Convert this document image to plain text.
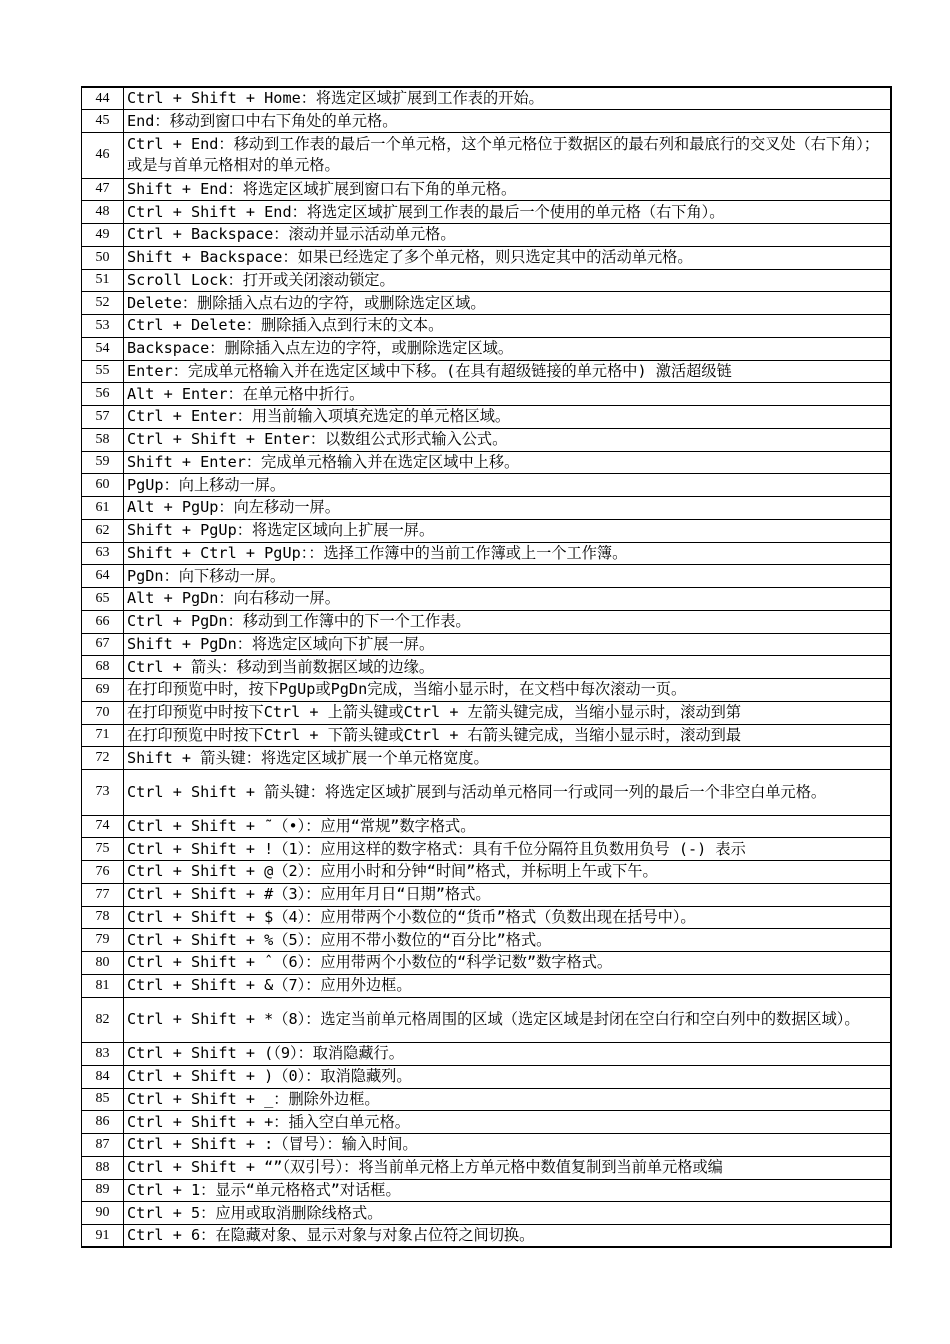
44	Ctrl + Shift + Home：将选定区域扩展到工作表的开始。
45	End：移动到窗口中右下角处的单元格。
46	Ctrl + End：移动到工作表的最后一个单元格，这个单元格位于数据区的最右列和最底行的交叉处（右下角）；或是与首单元格相对的单元格。
47	Shift + End：将选定区域扩展到窗口右下角的单元格。
48	Ctrl + Shift + End：将选定区域扩展到工作表的最后一个使用的单元格（右下角）。
49	Ctrl + Backspace：滚动并显示活动单元格。
50	Shift + Backspace：如果已经选定了多个单元格，则只选定其中的活动单元格。
51	Scroll Lock：打开或关闭滚动锁定。
52	Delete：删除插入点右边的字符，或删除选定区域。
53	Ctrl + Delete：删除插入点到行末的文本。
54	Backspace：删除插入点左边的字符，或删除选定区域。
55	Enter：完成单元格输入并在选定区域中下移。(在具有超级链接的单元格中) 激活超级链
56	Alt + Enter：在单元格中折行。
57	Ctrl + Enter：用当前输入项填充选定的单元格区域。
58	Ctrl + Shift + Enter：以数组公式形式输入公式。
59	Shift + Enter：完成单元格输入并在选定区域中上移。
60	PgUp：向上移动一屏。
61	Alt + PgUp：向左移动一屏。
62	Shift + PgUp：将选定区域向上扩展一屏。
63	Shift + Ctrl + PgUp：：选择工作簿中的当前工作簿或上一个工作簿。
64	PgDn：向下移动一屏。
65	Alt + PgDn：向右移动一屏。
66	Ctrl + PgDn：移动到工作簿中的下一个工作表。
67	Shift + PgDn：将选定区域向下扩展一屏。
68	Ctrl + 箭头：移动到当前数据区域的边缘。
69	在打印预览中时，按下PgUp或PgDn完成，当缩小显示时，在文档中每次滚动一页。
70	在打印预览中时按下Ctrl + 上箭头键或Ctrl + 左箭头键完成，当缩小显示时，滚动到第
71	在打印预览中时按下Ctrl + 下箭头键或Ctrl + 右箭头键完成，当缩小显示时，滚动到最
72	Shift + 箭头键：将选定区域扩展一个单元格宽度。
73	Ctrl + Shift + 箭头键：将选定区域扩展到与活动单元格同一行或同一列的最后一个非空白单元格。
74	Ctrl + Shift + ˜（•）：应用“常规”数字格式。
75	Ctrl + Shift + !（1）：应用这样的数字格式：具有千位分隔符且负数用负号 (-) 表示
76	Ctrl + Shift + @（2）：应用小时和分钟“时间”格式，并标明上午或下午。
77	Ctrl + Shift + #（3）：应用年月日“日期”格式。
78	Ctrl + Shift + $（4）：应用带两个小数位的“货币”格式（负数出现在括号中）。
79	Ctrl + Shift + %（5）：应用不带小数位的“百分比”格式。
80	Ctrl + Shift + ˆ（6）：应用带两个小数位的“科学记数”数字格式。
81	Ctrl + Shift + &（7）：应用外边框。
82	Ctrl + Shift + *（8）：选定当前单元格周围的区域（选定区域是封闭在空白行和空白列中的数据区域）。
83	Ctrl + Shift + (（9）：取消隐藏行。
84	Ctrl + Shift + )（0）：取消隐藏列。
85	Ctrl + Shift + _：删除外边框。
86	Ctrl + Shift + +：插入空白单元格。
87	Ctrl + Shift + :（冒号）：输入时间。
88	Ctrl + Shift + “”（双引号）：将当前单元格上方单元格中数值复制到当前单元格或编
89	Ctrl + 1：显示“单元格格式”对话框。
90	Ctrl + 5：应用或取消删除线格式。
91	Ctrl + 6：在隐藏对象、显示对象与对象占位符之间切换。
